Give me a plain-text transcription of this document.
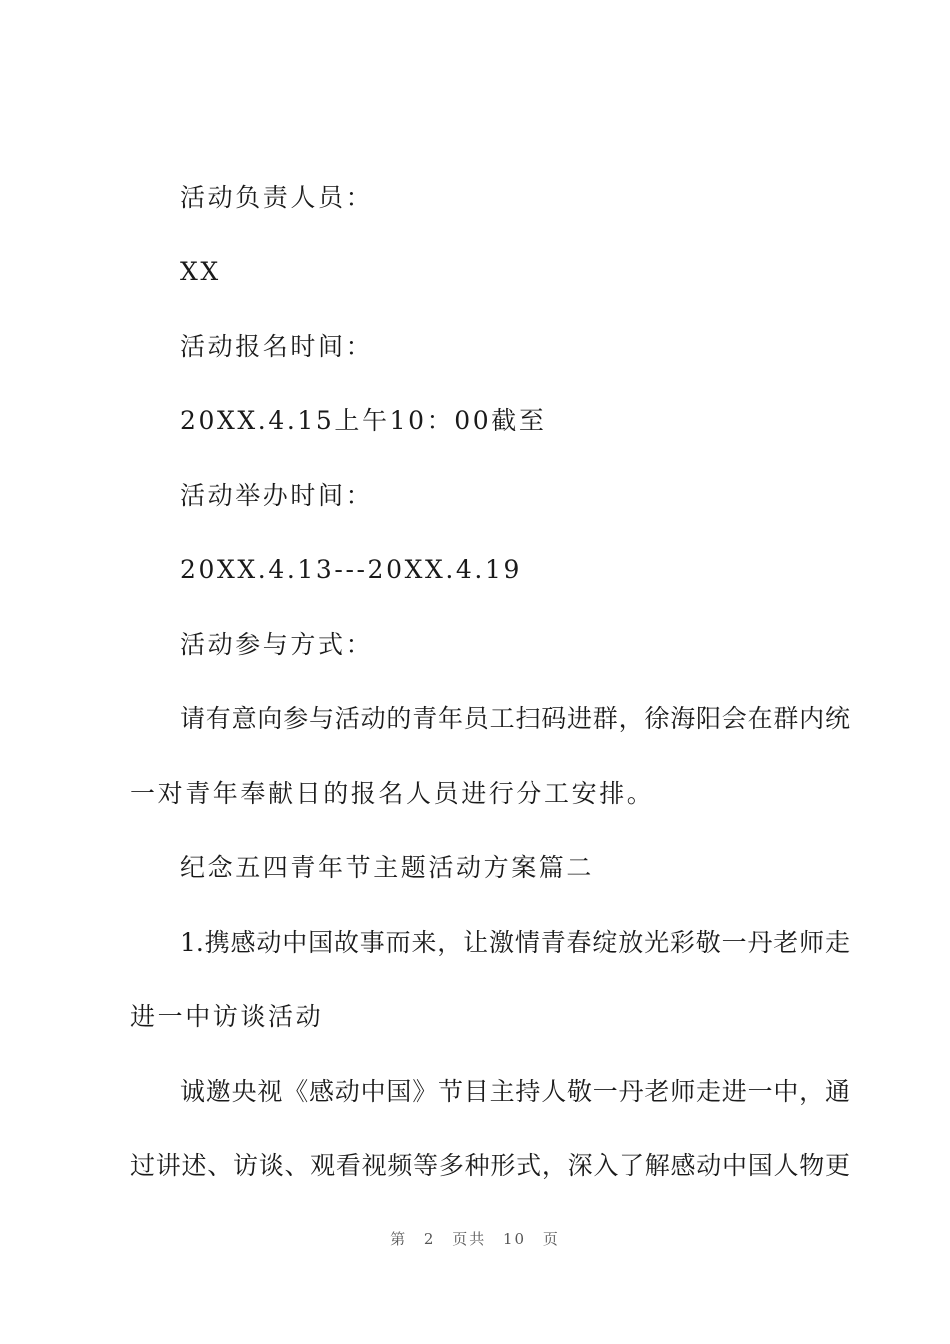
活动负责人员：
XX
活动报名时间：
20XX.4.15上午10：00截至
活动举办时间：
20XX.4.13---20XX.4.19
活动参与方式：
请有意向参与活动的青年员工扫码进群，徐海阳会在群内统
一对青年奉献日的报名人员进行分工安排。
纪念五四青年节主题活动方案篇二
1.携感动中国故事而来，让激情青春绽放光彩敬一丹老师走
进一中访谈活动
诚邀央视《感动中国》节目主持人敬一丹老师走进一中，通
过讲述、访谈、观看视频等多种形式，深入了解感动中国人物更
第 2 页共 10 页
